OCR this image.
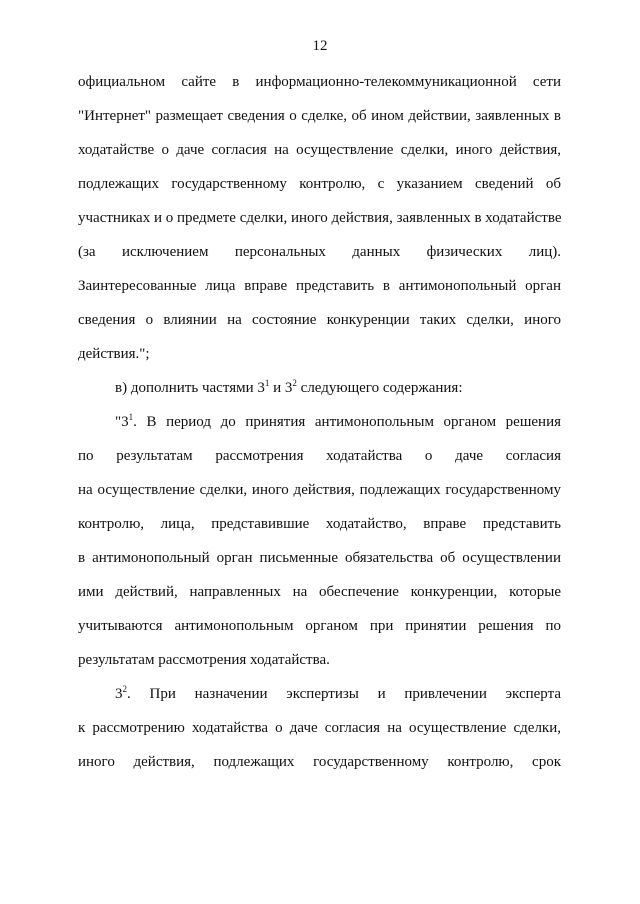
12
официальном сайте в информационно-телекоммуникационной сети
"Интернет" размещает сведения о сделке, об ином действии, заявленных в
ходатайстве о даче согласия на осуществление сделки, иного действия,
подлежащих государственному контролю, с указанием сведений об
участниках и о предмете сделки, иного действия, заявленных в ходатайстве
(за исключением персональных данных физических лиц).
Заинтересованные лица вправе представить в антимонопольный орган
сведения о влиянии на состояние конкуренции таких сделки, иного
действия.";
в) дополнить частями $3^1$ и $3^2$ следующего содержания:
"$3^1$. В период до принятия антимонопольным органом решения
по результатам рассмотрения ходатайства о даче согласия
на осуществление сделки, иного действия, подлежащих государственному
контролю, лица, представившие ходатайство, вправе представить
в антимонопольный орган письменные обязательства об осуществлении
ими действий, направленных на обеспечение конкуренции, которые
учитываются антимонопольным органом при принятии решения по
результатам рассмотрения ходатайства.
$3^2$. При назначении экспертизы и привлечении эксперта
к рассмотрению ходатайства о даче согласия на осуществление сделки,
иного действия, подлежащих государственному контролю, срок
